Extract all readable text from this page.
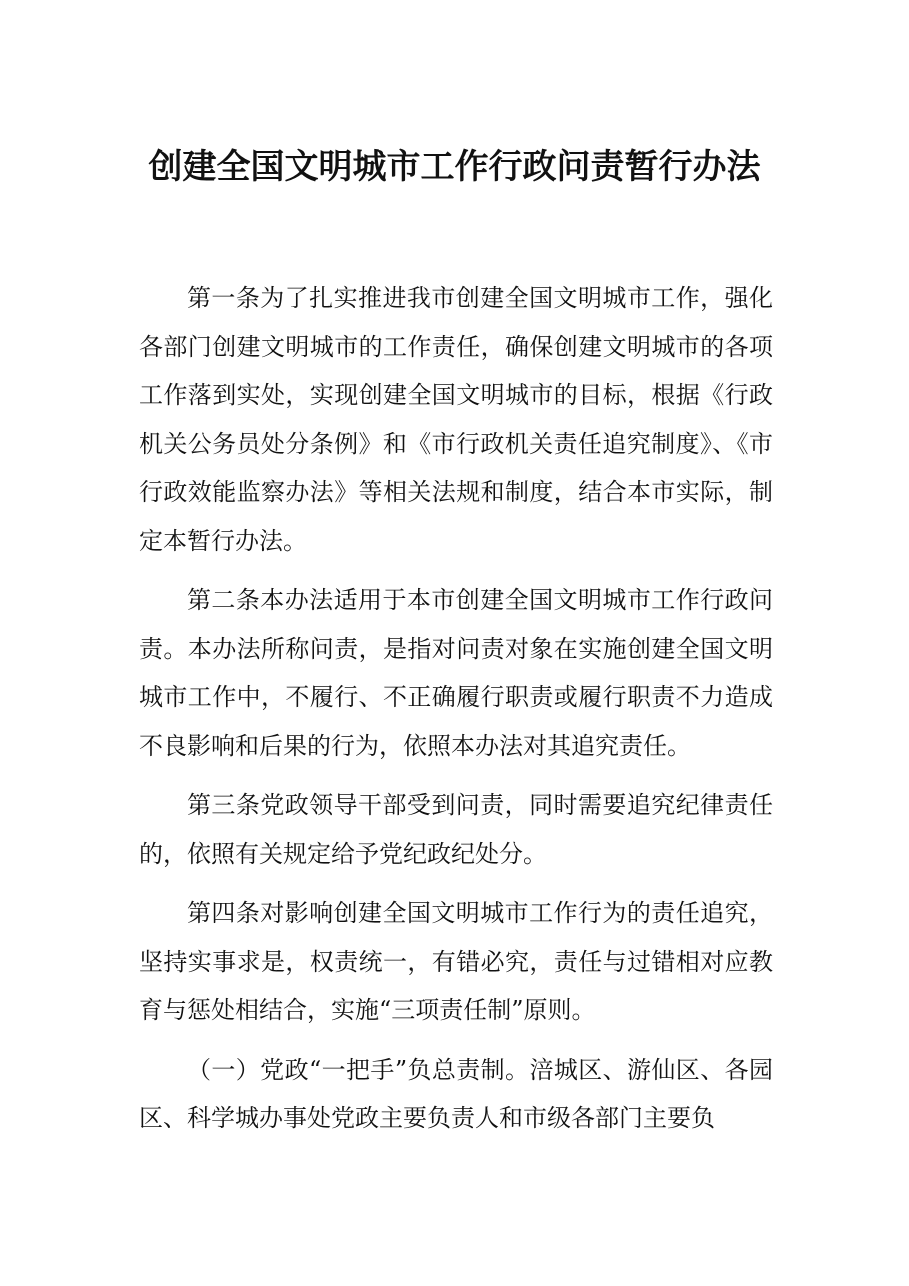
创建全国文明城市工作行政问责暂行办法

第一条为了扎实推进我市创建全国文明城市工作，强化各部门创建文明城市的工作责任，确保创建文明城市的各项工作落到实处，实现创建全国文明城市的目标，根据《行政机关公务员处分条例》和《市行政机关责任追究制度》、《市行政效能监察办法》等相关法规和制度，结合本市实际，制定本暂行办法。

第二条本办法适用于本市创建全国文明城市工作行政问责。本办法所称问责，是指对问责对象在实施创建全国文明城市工作中，不履行、不正确履行职责或履行职责不力造成不良影响和后果的行为，依照本办法对其追究责任。

第三条党政领导干部受到问责，同时需要追究纪律责任的，依照有关规定给予党纪政纪处分。

第四条对影响创建全国文明城市工作行为的责任追究，坚持实事求是，权责统一，有错必究，责任与过错相对应教育与惩处相结合，实施“三项责任制”原则。

（一）党政“一把手”负总责制。涪城区、游仙区、各园区、科学城办事处党政主要负责人和市级各部门主要负
